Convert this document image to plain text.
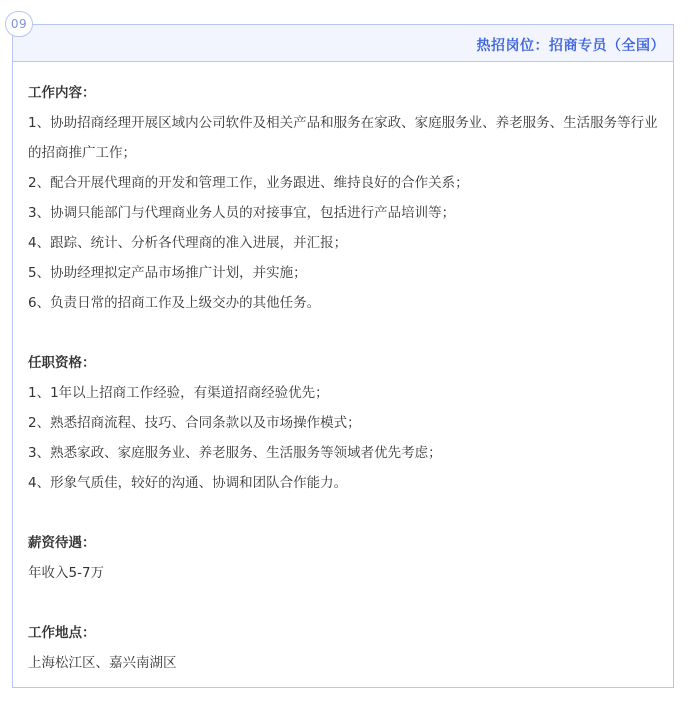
09
热招岗位：招商专员（全国）
工作内容：
1、协助招商经理开展区域内公司软件及相关产品和服务在家政、家庭服务业、养老服务、生活服务等行业的招商推广工作；
2、配合开展代理商的开发和管理工作，业务跟进、维持良好的合作关系；
3、协调只能部门与代理商业务人员的对接事宜，包括进行产品培训等；
4、跟踪、统计、分析各代理商的准入进展，并汇报；
5、协助经理拟定产品市场推广计划，并实施；
6、负责日常的招商工作及上级交办的其他任务。
任职资格：
1、1年以上招商工作经验，有渠道招商经验优先；
2、熟悉招商流程、技巧、合同条款以及市场操作模式；
3、熟悉家政、家庭服务业、养老服务、生活服务等领域者优先考虑；
4、形象气质佳，较好的沟通、协调和团队合作能力。
薪资待遇：
年收入5-7万
工作地点：
上海松江区、嘉兴南湖区
